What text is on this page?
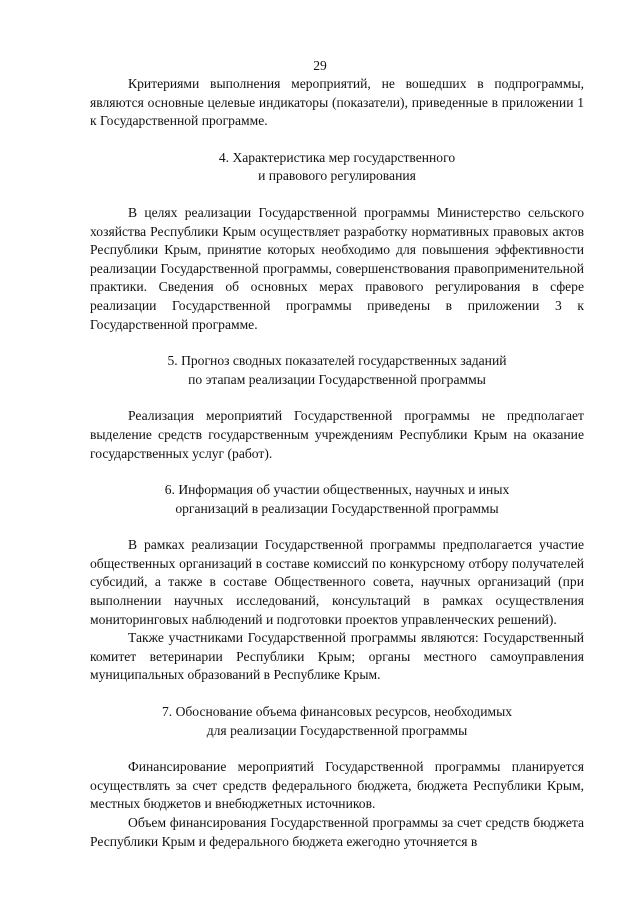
29

Критериями выполнения мероприятий, не вошедших в подпрограммы, являются основные целевые индикаторы (показатели), приведенные в приложении 1 к Государственной программе.

4. Характеристика мер государственного
и правового регулирования

В целях реализации Государственной программы Министерство сельского хозяйства Республики Крым осуществляет разработку нормативных правовых актов Республики Крым, принятие которых необходимо для повышения эффективности реализации Государственной программы, совершенствования правоприменительной практики. Сведения об основных мерах правового регулирования в сфере реализации Государственной программы приведены в приложении 3 к Государственной программе.

5. Прогноз сводных показателей государственных заданий
по этапам реализации Государственной программы

Реализация мероприятий Государственной программы не предполагает выделение средств государственным учреждениям Республики Крым на оказание государственных услуг (работ).

6. Информация об участии общественных, научных и иных
организаций в реализации Государственной программы

В рамках реализации Государственной программы предполагается участие общественных организаций в составе комиссий по конкурсному отбору получателей субсидий, а также в составе Общественного совета, научных организаций (при выполнении научных исследований, консультаций в рамках осуществления мониторинговых наблюдений и подготовки проектов управленческих решений).

Также участниками Государственной программы являются: Государственный комитет ветеринарии Республики Крым; органы местного самоуправления муниципальных образований в Республике Крым.

7. Обоснование объема финансовых ресурсов, необходимых
для реализации Государственной программы

Финансирование мероприятий Государственной программы планируется осуществлять за счет средств федерального бюджета, бюджета Республики Крым, местных бюджетов и внебюджетных источников.

Объем финансирования Государственной программы за счет средств бюджета Республики Крым и федерального бюджета ежегодно уточняется в
